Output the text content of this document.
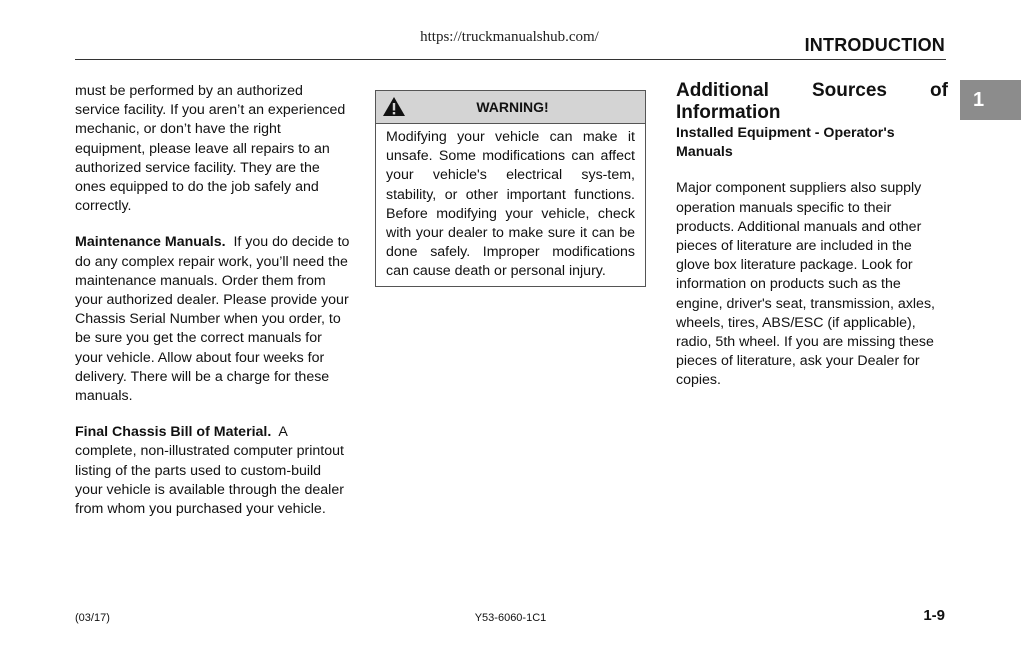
https://truckmanualshub.com/	INTRODUCTION
1

must be performed by an authorized service facility. If you aren’t an experienced mechanic, or don’t have the right equipment, please leave all repairs to an authorized service facility. They are the ones equipped to do the job safely and correctly.

Maintenance Manuals. If you do decide to do any complex repair work, you’ll need the maintenance manuals. Order them from your authorized dealer. Please provide your Chassis Serial Number when you order, to be sure you get the correct manuals for your vehicle. Allow about four weeks for delivery. There will be a charge for these manuals.

Final Chassis Bill of Material. A complete, non-illustrated computer printout listing of the parts used to custom-build your vehicle is available through the dealer from whom you purchased your vehicle.

WARNING!
Modifying your vehicle can make it unsafe. Some modifications can affect your vehicle's electrical sys-tem, stability, or other important functions. Before modifying your vehicle, check with your dealer to make sure it can be done safely. Improper modifications can cause death or personal injury.
Additional Sources of Information
Installed Equipment - Operator's Manuals

Major component suppliers also supply operation manuals specific to their products. Additional manuals and other pieces of literature are included in the glove box literature package. Look for information on products such as the engine, driver's seat, transmission, axles, wheels, tires, ABS/ESC (if applicable), radio, 5th wheel. If you are missing these pieces of literature, ask your Dealer for copies.

(03/17)	Y53-6060-1C1	1-9
